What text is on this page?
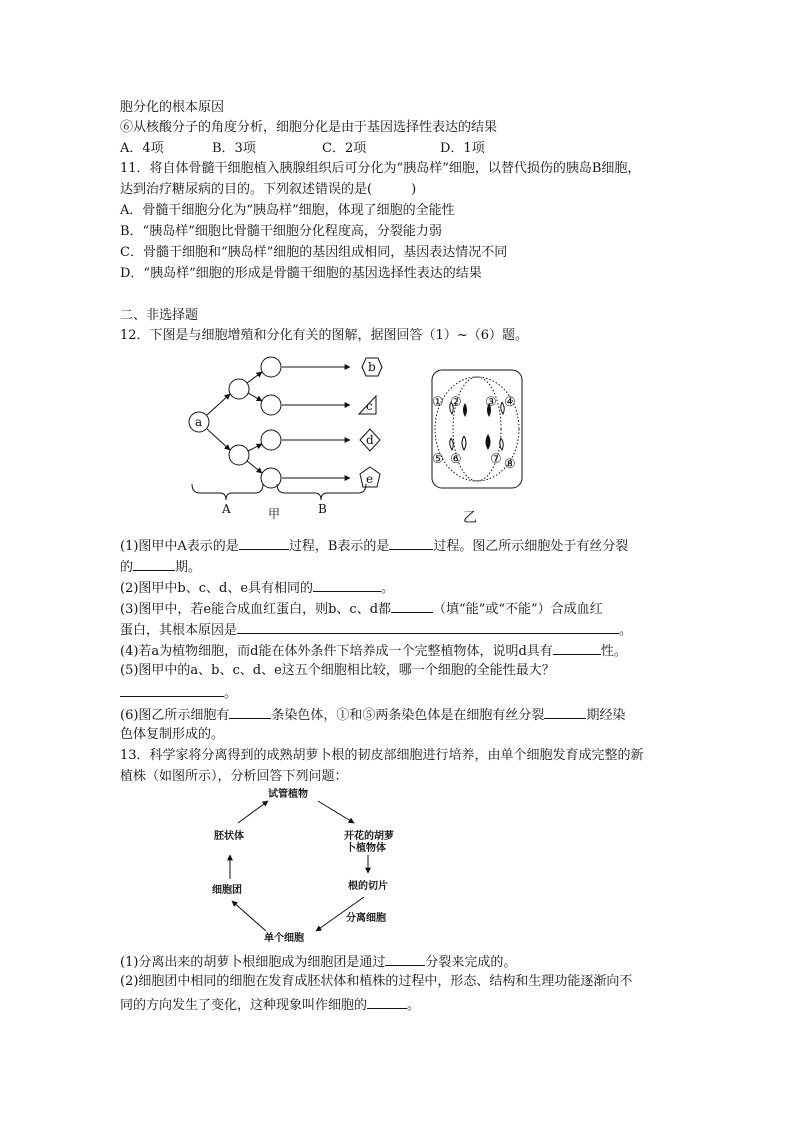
胞分化的根本原因
⑥从核酸分子的角度分析，细胞分化是由于基因选择性表达的结果
A．4项	B．3项	C．2项	D．1项
11．将自体骨髓干细胞植入胰腺组织后可分化为“胰岛样”细胞，以替代损伤的胰岛B细胞，
达到治疗糖尿病的目的。下列叙述错误的是(　　　)
A．骨髓干细胞分化为“胰岛样”细胞，体现了细胞的全能性
B．“胰岛样”细胞比骨髓干细胞分化程度高，分裂能力弱
C．骨髓干细胞和“胰岛样”细胞的基因组成相同，基因表达情况不同
D．“胰岛样”细胞的形成是骨髓干细胞的基因选择性表达的结果
二、非选择题
12．下图是与细胞增殖和分化有关的图解，据图回答（1）~（6）题。
a
b
c
d
e
A	甲	B
乙
① ② ③ ④
⑤ ⑥ ⑦ ⑧
(1)图甲中A表示的是	过程，B表示的是	过程。图乙所示细胞处于有丝分裂
的	期。
(2)图甲中b、c、d、e具有相同的	。
(3)图甲中，若e能合成血红蛋白，则b、c、d都	（填“能”或“不能”）合成血红
蛋白，其根本原因是	。
(4)若a为植物细胞，而d能在体外条件下培养成一个完整植物体，说明d具有	性。
(5)图甲中的a、b、c、d、e这五个细胞相比较，哪一个细胞的全能性最大？
。
(6)图乙所示细胞有	条染色体，①和⑤两条染色体是在细胞有丝分裂	期经染
色体复制形成的。
13．科学家将分离得到的成熟胡萝卜根的韧皮部细胞进行培养，由单个细胞发育成完整的新
植株（如图所示），分析回答下列问题：
试管植物
开花的胡萝
卜植物体
根的切片
分离细胞
单个细胞
细胞团
胚状体
(1)分离出来的胡萝卜根细胞成为细胞团是通过	分裂来完成的。
(2)细胞团中相同的细胞在发育成胚状体和植株的过程中，形态、结构和生理功能逐渐向不
同的方向发生了变化，这种现象叫作细胞的	。
